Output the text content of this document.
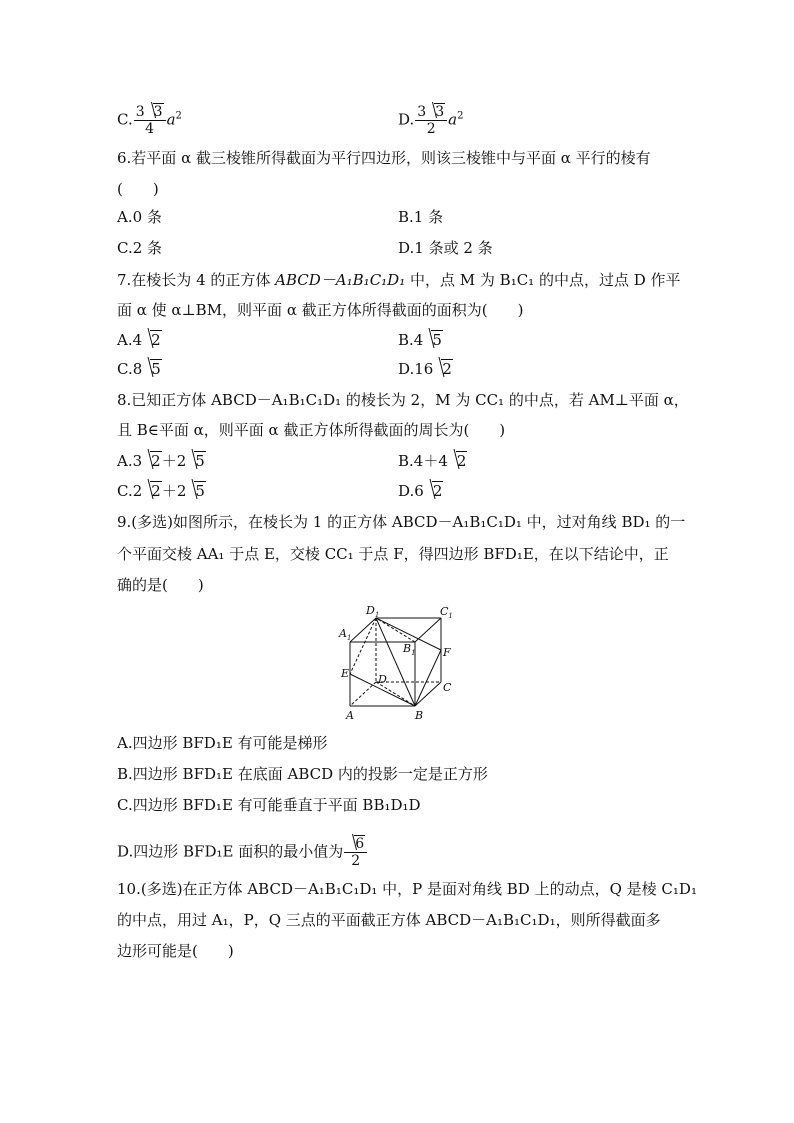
C. $\frac{3 3}{4} a^2$	D. $\frac{3 3}{2} a^2$
6.若平面 α 截三棱锥所得截面为平行四边形，则该三棱锥中与平面 α 平行的棱有
(　　)
A.0 条	B.1 条
C.2 条	D.1 条或 2 条
7.在棱长为 4 的正方体 ABCD－A₁B₁C₁D₁ 中，点 M 为 B₁C₁ 的中点，过点 D 作平
面 α 使 α⊥BM，则平面 α 截正方体所得截面的面积为(　　)
A.4 2	B.4 5
C.8 5	D.16 2
8.已知正方体 ABCD－A₁B₁C₁D₁ 的棱长为 2，M 为 CC₁ 的中点，若 AM⊥平面 α，
且 B∈平面 α，则平面 α 截正方体所得截面的周长为(　　)
A.3 2＋2 5	B.4＋4 2
C.2 2＋2 5	D.6 2
9.(多选)如图所示，在棱长为 1 的正方体 ABCD－A₁B₁C₁D₁ 中，过对角线 BD₁ 的一
个平面交棱 AA₁ 于点 E，交棱 CC₁ 于点 F，得四边形 BFD₁E，在以下结论中，正
确的是(　　)
$D_1$	$C_1$
$A_1$
$B_1$
E
F
D
C
A	B
A.四边形 BFD₁E 有可能是梯形
B.四边形 BFD₁E 在底面 ABCD 内的投影一定是正方形
C.四边形 BFD₁E 有可能垂直于平面 BB₁D₁D
D.四边形 BFD₁E 面积的最小值为 $\frac{6}{2}$
10.(多选)在正方体 ABCD－A₁B₁C₁D₁ 中，P 是面对角线 BD 上的动点，Q 是棱 C₁D₁
的中点，用过 A₁，P，Q 三点的平面截正方体 ABCD－A₁B₁C₁D₁，则所得截面多
边形可能是(　　)
